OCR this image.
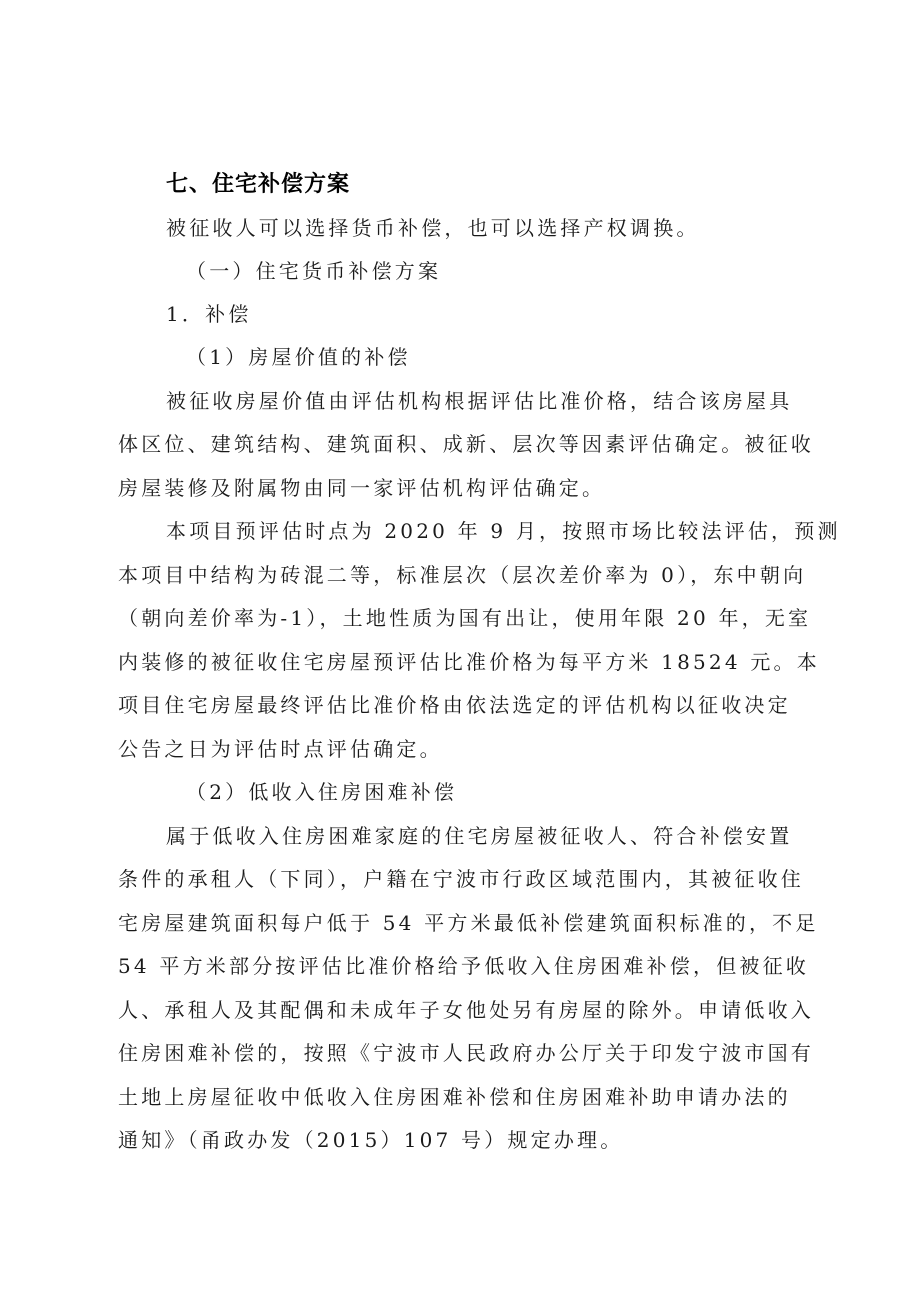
七、住宅补偿方案
被征收人可以选择货币补偿，也可以选择产权调换。
（一）住宅货币补偿方案
1．补偿
（1）房屋价值的补偿
被征收房屋价值由评估机构根据评估比准价格，结合该房屋具
体区位、建筑结构、建筑面积、成新、层次等因素评估确定。被征收
房屋装修及附属物由同一家评估机构评估确定。
本项目预评估时点为 2020 年 9 月，按照市场比较法评估，预测
本项目中结构为砖混二等，标准层次（层次差价率为 0），东中朝向
（朝向差价率为-1），土地性质为国有出让，使用年限 20 年，无室
内装修的被征收住宅房屋预评估比准价格为每平方米 18524 元。本
项目住宅房屋最终评估比准价格由依法选定的评估机构以征收决定
公告之日为评估时点评估确定。
（2）低收入住房困难补偿
属于低收入住房困难家庭的住宅房屋被征收人、符合补偿安置
条件的承租人（下同），户籍在宁波市行政区域范围内，其被征收住
宅房屋建筑面积每户低于 54 平方米最低补偿建筑面积标准的，不足
54 平方米部分按评估比准价格给予低收入住房困难补偿，但被征收
人、承租人及其配偶和未成年子女他处另有房屋的除外。申请低收入
住房困难补偿的，按照《宁波市人民政府办公厅关于印发宁波市国有
土地上房屋征收中低收入住房困难补偿和住房困难补助申请办法的
通知》（甬政办发（2015）107 号）规定办理。
